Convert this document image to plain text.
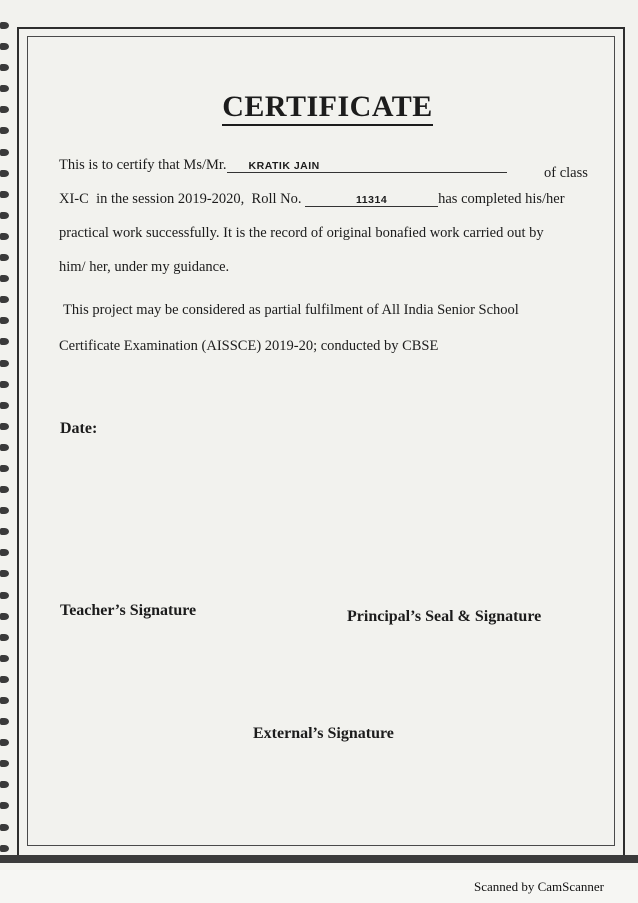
CERTIFICATE
This is to certify that Ms/Mr. KRATIK JAIN	of class
XI-C in the session 2019-2020, Roll No.	11314	has completed his/her
practical work successfully. It is the record of original bonafied work carried out by
him/ her, under my guidance.
This project may be considered as partial fulfilment of All India Senior School
Certificate Examination (AISSCE) 2019-20; conducted by CBSE
Date:
Teacher’s Signature	Principal’s Seal & Signature
External’s Signature
Scanned by CamScanner
